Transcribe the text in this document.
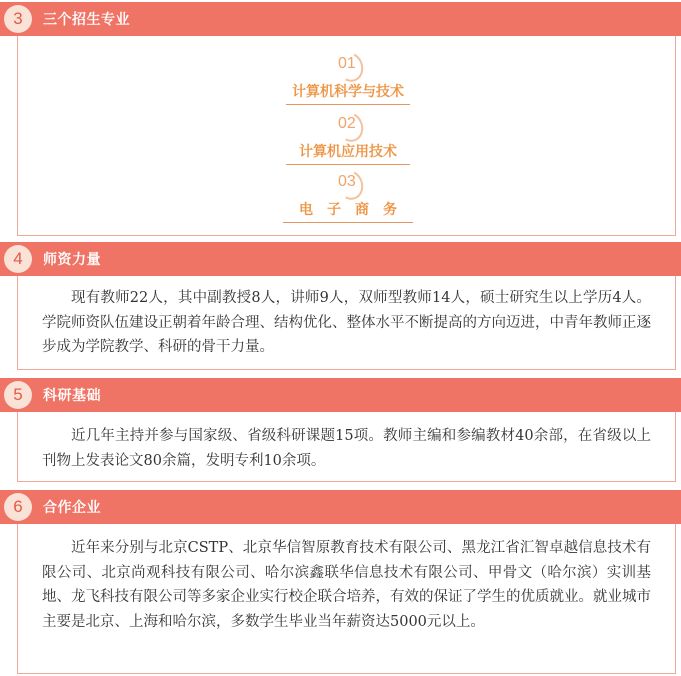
01
计算机科学与技术
02
计算机应用技术
03
电　子　商　务
3	三个招生专业

现有教师22人，其中副教授8人，讲师9人，双师型教师14人，硕士研究生以上学历4人。学院师资队伍建设正朝着年龄合理、结构优化、整体水平不断提高的方向迈进，中青年教师正逐步成为学院教学、科研的骨干力量。

4	师资力量

近几年主持并参与国家级、省级科研课题15项。教师主编和参编教材40余部，在省级以上刊物上发表论文80余篇，发明专利10余项。

5	科研基础

近年来分别与北京CSTP、北京华信智原教育技术有限公司、黑龙江省汇智卓越信息技术有限公司、北京尚观科技有限公司、哈尔滨鑫联华信息技术有限公司、甲骨文（哈尔滨）实训基地、龙飞科技有限公司等多家企业实行校企联合培养，有效的保证了学生的优质就业。就业城市主要是北京、上海和哈尔滨，多数学生毕业当年薪资达5000元以上。

6	合作企业
